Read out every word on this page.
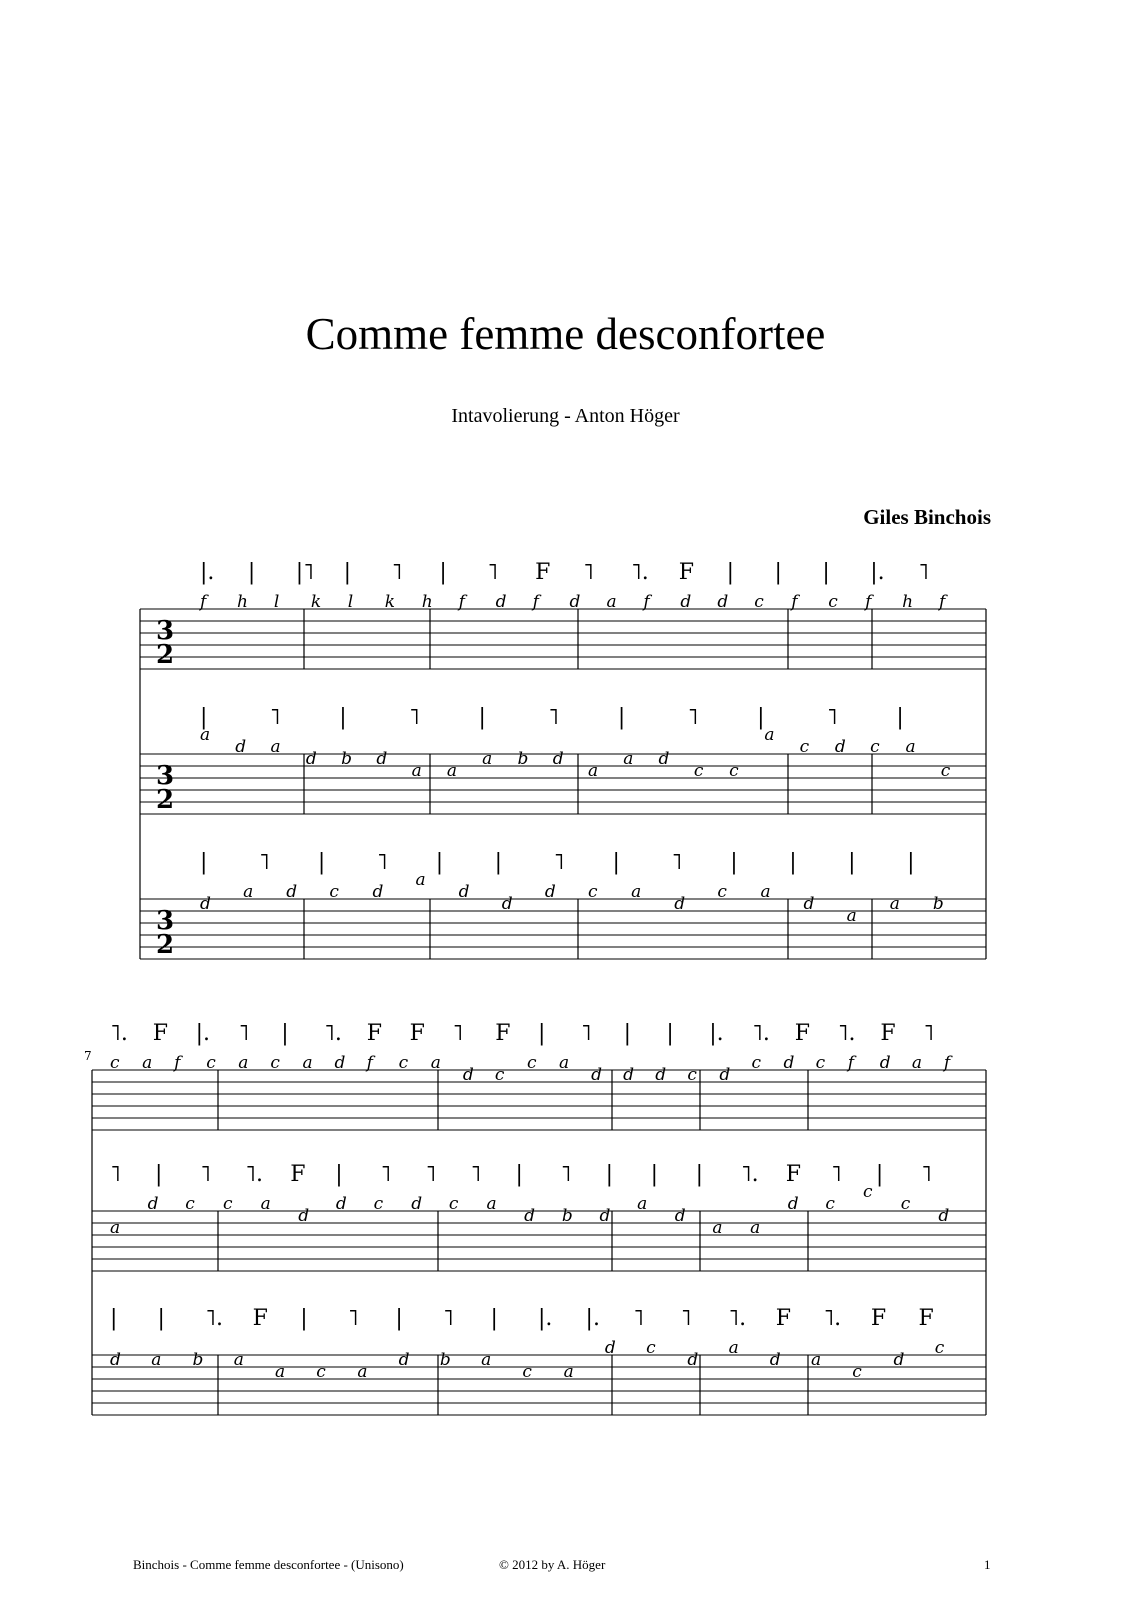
Comme femme desconfortee
Intavolierung - Anton Höger
Giles Binchois
3
2
|. | |˥ | ˥ | ˥ F ˥ ˥. F | | | |. ˥
f h l k l k h f d f d a f d d c f c f h f
3
2
|	˥	|	˥	|	˥	|	˥	|	˥	|
a
d a
d b d
a a
a b d
a
a d
c c
a
c d c a
c
3
2
| ˥ | ˥ | | ˥ | ˥ | | | |
d
a d c d
a
d
d
d c a
d
c a
d
a
a b
7
˥. F |. ˥ | ˥. F F ˥ F | ˥ | | |. ˥. F ˥. F ˥
c a f c a c a d f c a
d c
c a
d d d c d
c d c f d a f
˥ | ˥ ˥. F | ˥ ˥ ˥ | ˥ | | | ˥. F ˥ | ˥
a
d c c a
d
d c d c a
d b d
a
d
a a
d c
c
c
d
| | ˥. F | ˥ | ˥ | |. |. ˥ ˥ ˥. F ˥. F F
d a b a
a c a
d b a
c a
d c
d
a
d a
c
d
c
Binchois - Comme femme desconfortee - (Unisono)	© 2012 by A. Höger	1
